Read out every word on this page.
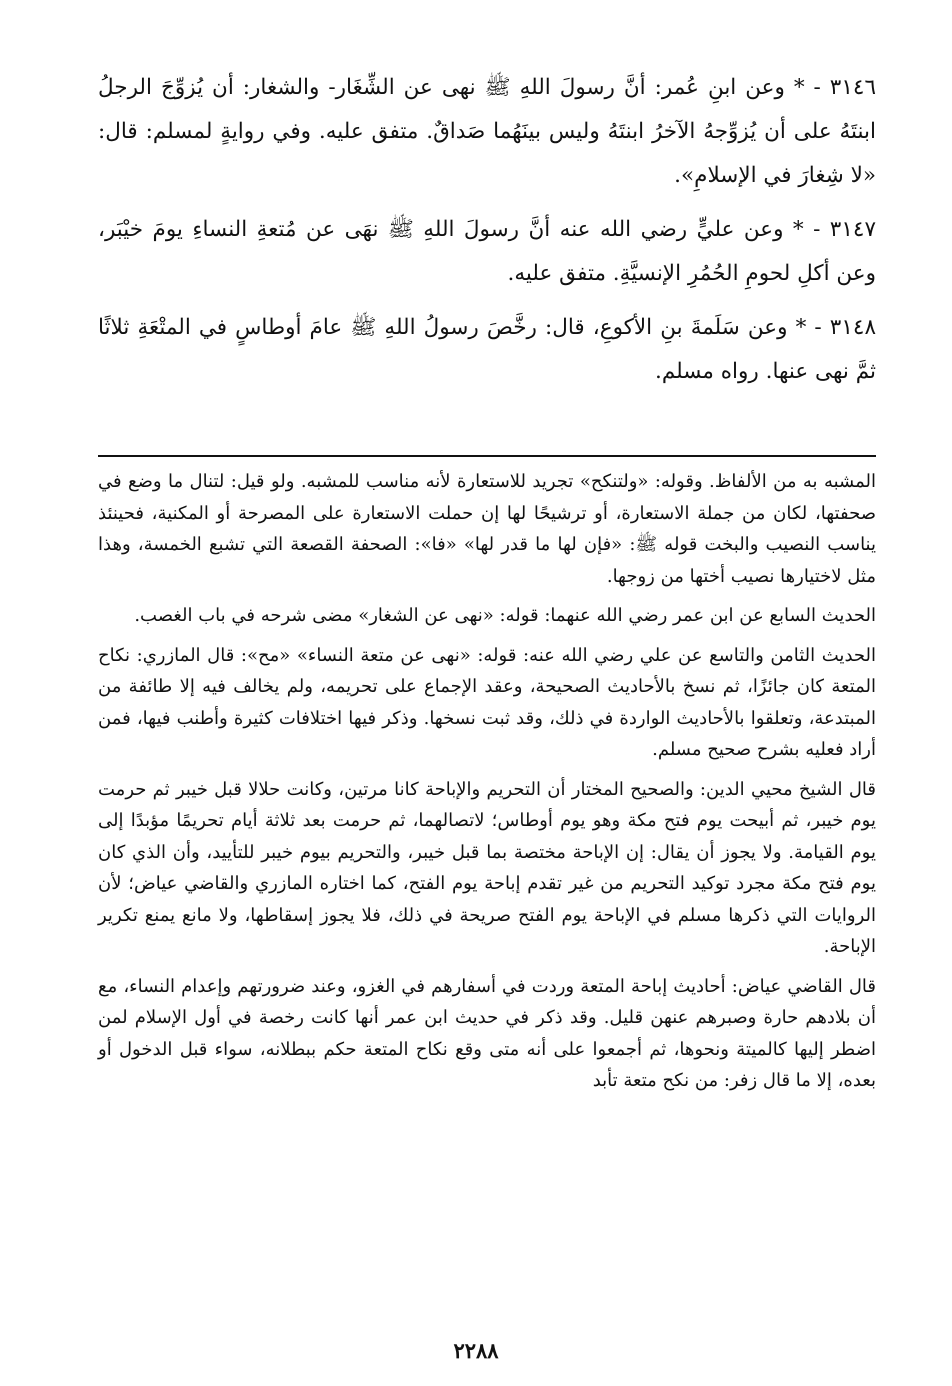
٣١٤٦ - * وعن ابنِ عُمر: أنَّ رسولَ اللهِ ﷺ نهى عن الشِّغَار- والشغار: أن يُزوِّجَ الرجلُ ابنتَهُ على أن يُزوِّجهُ الآخرُ ابنتَهُ وليس بينَهُما صَداقٌ. متفق عليه. وفي روايةٍ لمسلم: قال: «لا شِغارَ في الإسلامِ».

٣١٤٧ - * وعن عليٍّ رضي الله عنه أنَّ رسولَ اللهِ ﷺ نهَى عن مُتعةِ النساءِ يومَ خيْبَر، وعن أكلِ لحومِ الحُمُرِ الإنسيَّةِ. متفق عليه.

٣١٤٨ - * وعن سَلَمةَ بنِ الأكوعِ، قال: رخَّصَ رسولُ اللهِ ﷺ عامَ أوطاسٍ في المتْعَةِ ثلاثًا ثمَّ نهى عنها. رواه مسلم.

المشبه به من الألفاظ. وقوله: «ولتنكح» تجريد للاستعارة لأنه مناسب للمشبه. ولو قيل: لتنال ما وضع في صحفتها، لكان من جملة الاستعارة، أو ترشيحًا لها إن حملت الاستعارة على المصرحة أو المكنية، فحينئذ يناسب النصيب والبخت قوله ﷺ: «فإن لها ما قدر لها» «فا»: الصحفة القصعة التي تشبع الخمسة، وهذا مثل لاختيارها نصيب أختها من زوجها.

الحديث السابع عن ابن عمر رضي الله عنهما: قوله: «نهى عن الشغار» مضى شرحه في باب الغصب.

الحديث الثامن والتاسع عن علي رضي الله عنه: قوله: «نهى عن متعة النساء» «مح»: قال المازري: نكاح المتعة كان جائزًا، ثم نسخ بالأحاديث الصحيحة، وعقد الإجماع على تحريمه، ولم يخالف فيه إلا طائفة من المبتدعة، وتعلقوا بالأحاديث الواردة في ذلك، وقد ثبت نسخها. وذكر فيها اختلافات كثيرة وأطنب فيها، فمن أراد فعليه بشرح صحيح مسلم.

قال الشيخ محيي الدين: والصحيح المختار أن التحريم والإباحة كانا مرتين، وكانت حلالا قبل خيبر ثم حرمت يوم خيبر، ثم أبيحت يوم فتح مكة وهو يوم أوطاس؛ لاتصالهما، ثم حرمت بعد ثلاثة أيام تحريمًا مؤبدًا إلى يوم القيامة. ولا يجوز أن يقال: إن الإباحة مختصة بما قبل خيبر، والتحريم بيوم خيبر للتأييد، وأن الذي كان يوم فتح مكة مجرد توكيد التحريم من غير تقدم إباحة يوم الفتح، كما اختاره المازري والقاضي عياض؛ لأن الروايات التي ذكرها مسلم في الإباحة يوم الفتح صريحة في ذلك، فلا يجوز إسقاطها، ولا مانع يمنع تكرير الإباحة.

قال القاضي عياض: أحاديث إباحة المتعة وردت في أسفارهم في الغزو، وعند ضرورتهم وإعدام النساء، مع أن بلادهم حارة وصبرهم عنهن قليل. وقد ذكر في حديث ابن عمر أنها كانت رخصة في أول الإسلام لمن اضطر إليها كالميتة ونحوها، ثم أجمعوا على أنه متى وقع نكاح المتعة حكم ببطلانه، سواء قبل الدخول أو بعده، إلا ما قال زفر: من نكح متعة تأبد

٢٢٨٨
